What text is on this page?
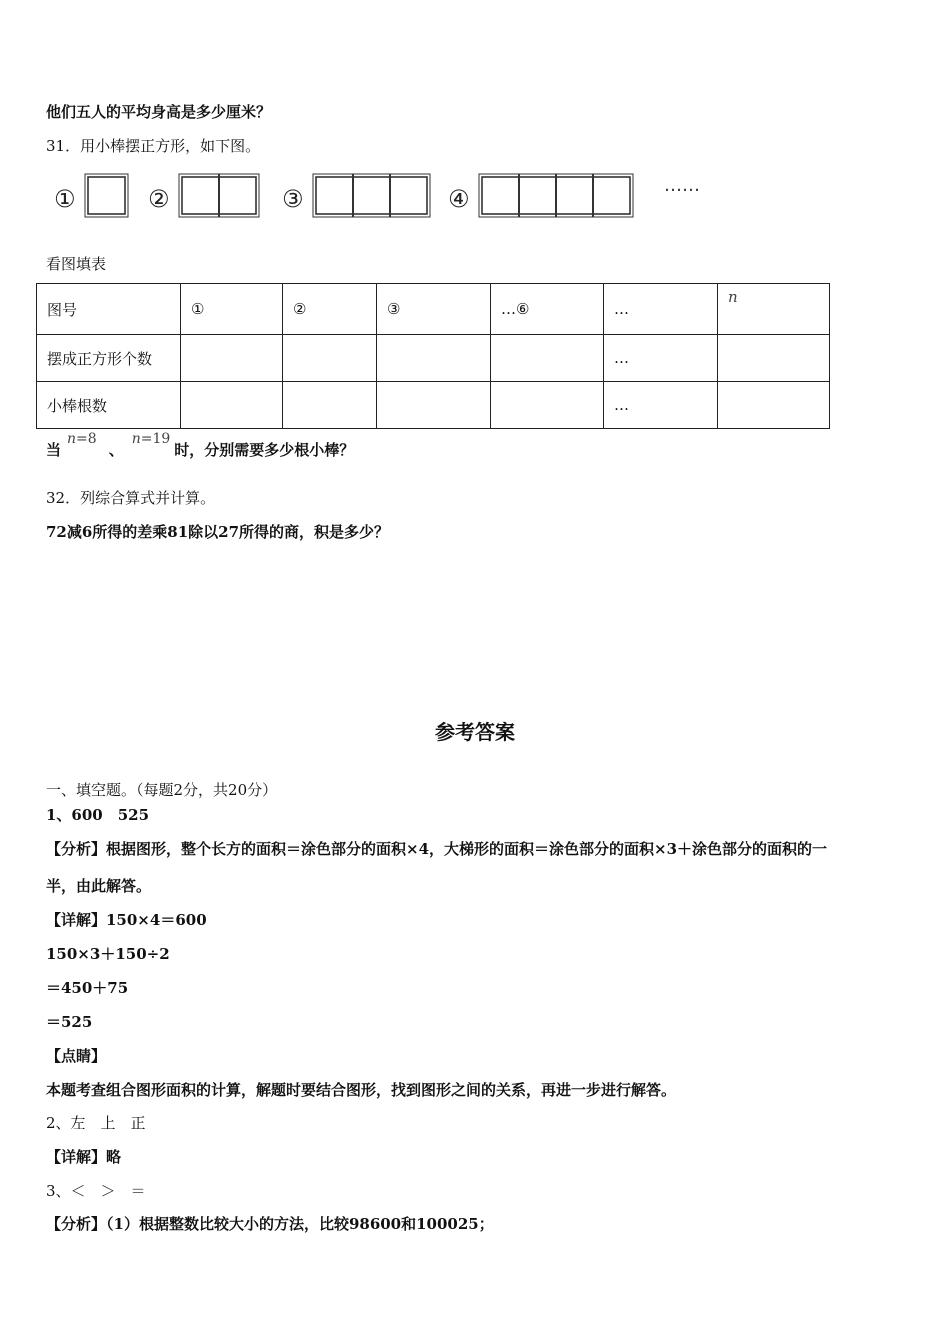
他们五人的平均身高是多少厘米？
31．用小棒摆正方形，如下图。
①	②	③	④	……
看图填表
图号	①	②	③	…⑥	…	n
摆成正方形个数					…	
小棒根数					…	
当n=8、n=19时，分别需要多少根小棒？
32．列综合算式并计算。
72减6所得的差乘81除以27所得的商，积是多少？
参考答案
一、填空题。（每题2分，共20分）
1、600　525
【分析】根据图形，整个长方的面积＝涂色部分的面积×4，大梯形的面积＝涂色部分的面积×3＋涂色部分的面积的一
半，由此解答。
【详解】150×4＝600
150×3＋150÷2
＝450＋75
＝525
【点睛】
本题考查组合图形面积的计算，解题时要结合图形，找到图形之间的关系，再进一步进行解答。
2、左　上　正
【详解】略
3、＜　＞　＝
【分析】（1）根据整数比较大小的方法，比较98600和100025；
